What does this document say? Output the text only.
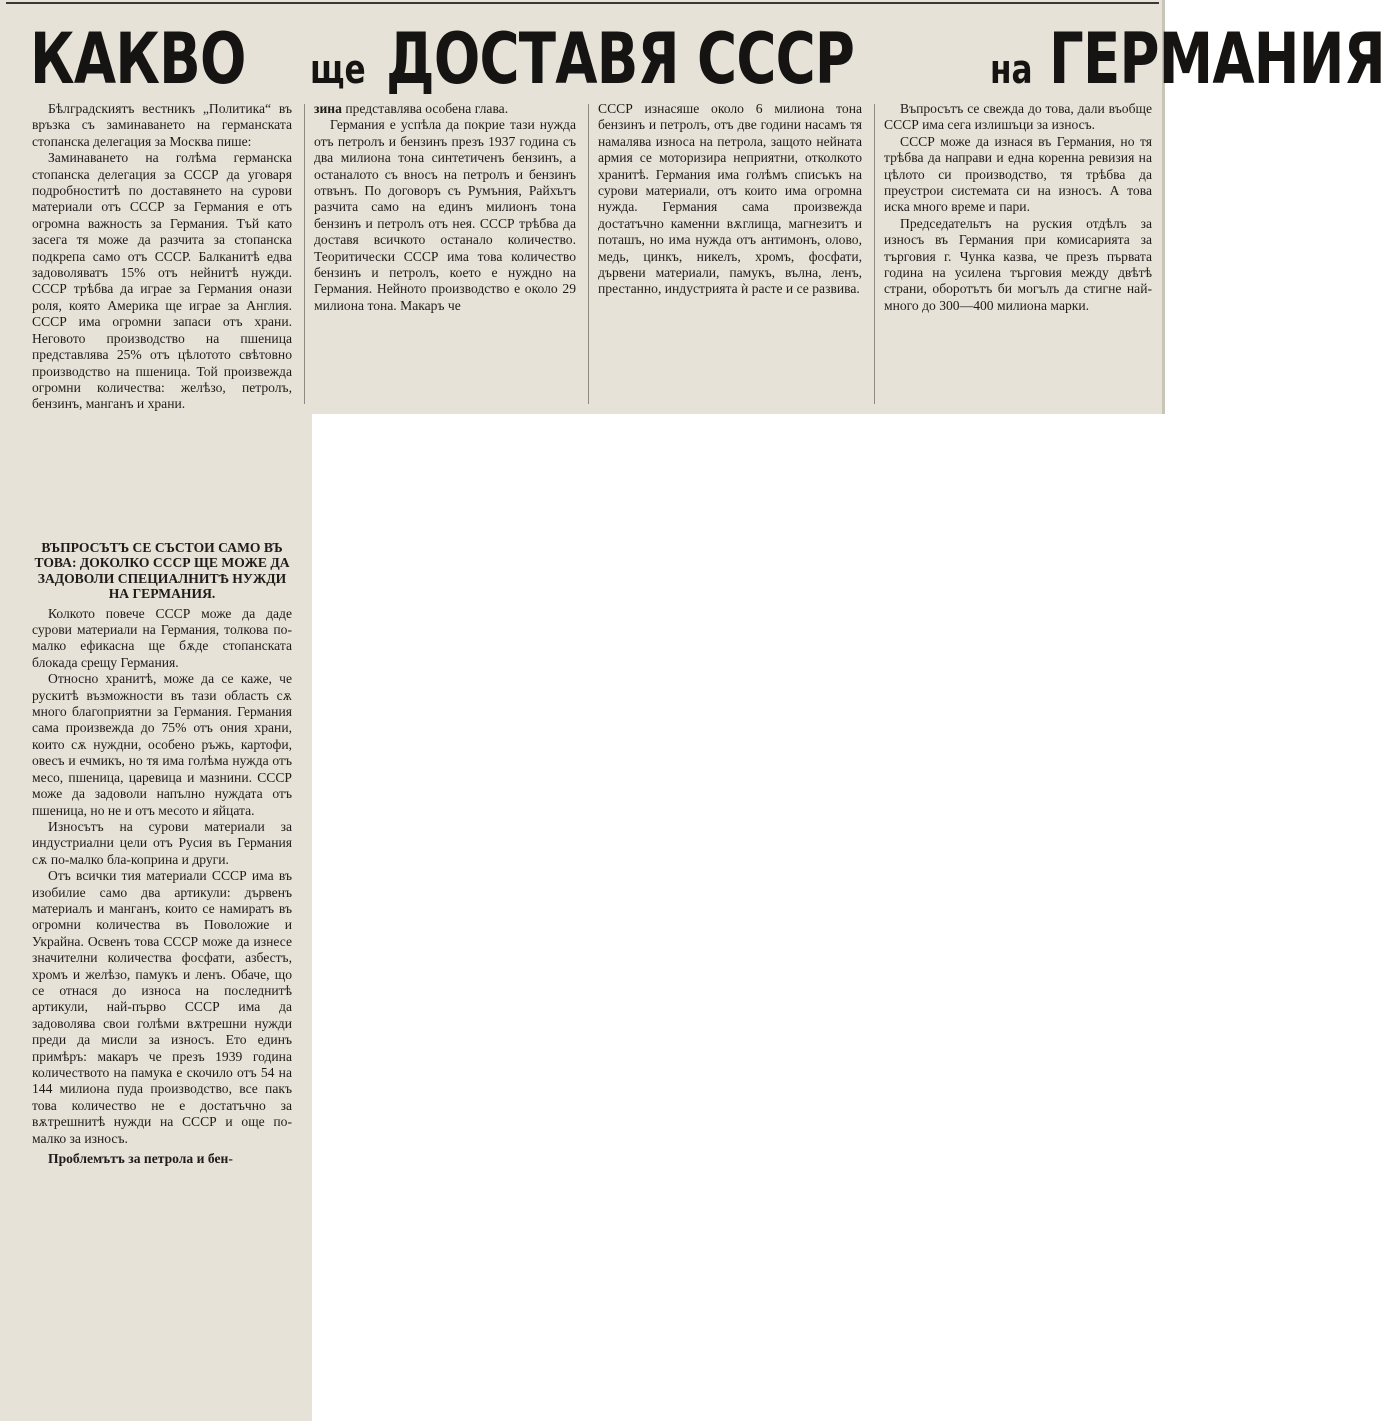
КАКВО ще ДОСТАВЯ СССР	на ГЕРМАНИЯ

Бѣлградскиятъ вестникъ „Политика“ въ връзка съ заминаването на германската стопанска делегация за Москва пише:

Заминаването на голѣма германска стопанска делегация за СССР да уговаря подробноститѣ по доставянето на сурови материали отъ СССР за Германия е отъ огромна важность за Германия. Тъй като засега тя може да разчита за стопанска подкрепа само отъ СССР. Балканитѣ едва задоволяватъ 15% отъ нейнитѣ нужди. СССР трѣбва да играе за Германия онази роля, която Америка ще играе за Англия. СССР има огромни запаси отъ храни. Неговото производство на пшеница представлява 25% отъ цѣлотото свѣтовно производство на пшеница. Той произвежда огромни количества: желѣзо, петролъ, бензинъ, манганъ и храни.

зина представлява особена глава.

Германия е успѣла да покрие тази нужда отъ петролъ и бензинъ презъ 1937 година съ два милиона тона синтетиченъ бензинъ, а останалото съ вносъ на петролъ и бензинъ отвънъ. По договоръ съ Румъния, Райхътъ разчита само на единъ милионъ тона бензинъ и петролъ отъ нея. СССР трѣбва да доставя всичкото останало количество. Теоритически СССР има това количество бензинъ и петролъ, което е нуждно на Германия. Нейното производство е около 29 милиона тона. Макаръ че

СССР изнасяше около 6 милиона тона бензинъ и петролъ, отъ две години насамъ тя намалява износа на петрола, защото нейната армия се моторизира неприятни, отколкото хранитѣ. Германия има голѣмъ списъкъ на сурови материали, отъ които има огромна нужда. Германия сама произвежда достатъчно каменни вѫглища, магнезитъ и поташъ, но има нужда отъ антимонъ, олово, медь, цинкъ, никелъ, хромъ, фосфати, дървени материали, памукъ, вълна, ленъ, престанно, индустрията ѝ расте и се развива.

Въпросътъ се свежда до това, дали въобще СССР има сега излишъци за износъ.

СССР може да изнася въ Германия, но тя трѣбва да направи и една коренна ревизия на цѣлото си производство, тя трѣбва да преустрои системата си на износъ. А това иска много време и пари.

Председательтъ на руския отдѣлъ за износъ въ Германия при комисарията за търговия г. Чунка казва, че презъ първата година на усилена търговия между двѣтѣ страни, оборотътъ би могълъ да стигне най-много до 300—400 милиона марки.

ВЪПРОСЪТЪ СЕ СЪСТОИ САМО ВЪ ТОВА: ДОКОЛКО СССР ЩЕ МОЖЕ ДА ЗАДОВОЛИ СПЕЦИАЛНИТѢ НУЖДИ НА ГЕРМАНИЯ.

Колкото повече СССР може да даде сурови материали на Германия, толкова по-малко ефикасна ще бѫде стопанската блокада срещу Германия.

Относно хранитѣ, може да се каже, че рускитѣ възможности въ тази область сѫ много благоприятни за Германия. Германия сама произвежда до 75% отъ ония храни, които сѫ нуждни, особено ръжь, картофи, овесъ и ечмикъ, но тя има голѣма нужда отъ месо, пшеница, царевица и мазнини. СССР може да задоволи напълно нуждата отъ пшеница, но не и отъ месото и яйцата.

Износътъ на сурови материали за индустриални цели отъ Русия въ Германия сѫ по-малко бла-коприна и други.

Отъ всички тия материали СССР има въ изобилие само два артикули: дървенъ материалъ и манганъ, които се намиратъ въ огромни количества въ Поволожие и Украйна. Освенъ това СССР може да изнесе значителни количества фосфати, азбестъ, хромъ и желѣзо, памукъ и ленъ. Обаче, що се отнася до износа на последнитѣ артикули, най-първо СССР има да задоволява свои голѣми вѫтрешни нужди преди да мисли за износъ. Ето единъ примѣръ: макаръ че презъ 1939 година количеството на памука е скочило отъ 54 на 144 милиона пуда производство, все пакъ това количество не е достатъчно за вѫтрешнитѣ нужди на СССР и още по-малко за износъ.

Проблемътъ за петрола и бен-
